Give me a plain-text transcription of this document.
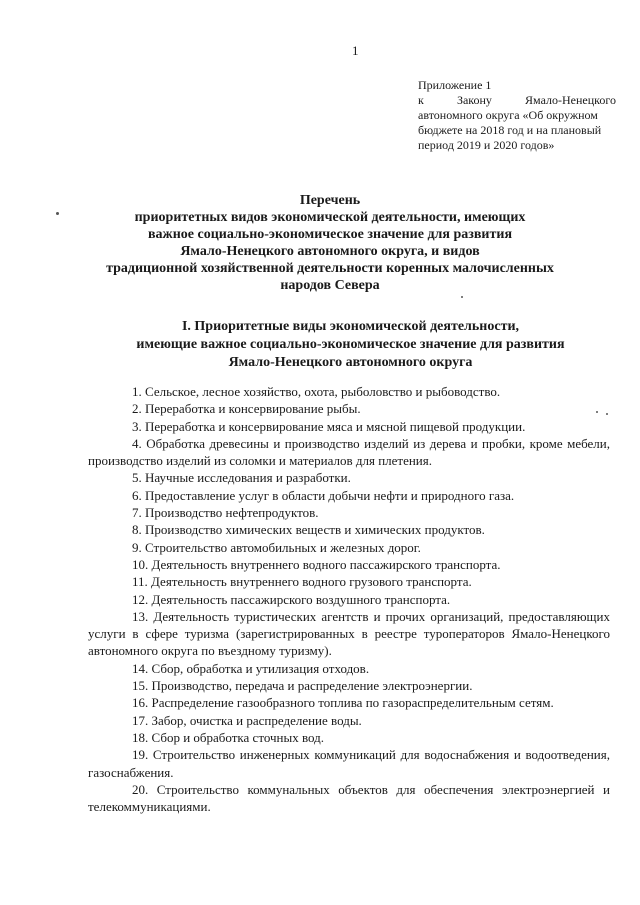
1
Приложение 1
к	Закону	Ямало-Ненецкого
автономного округа «Об окружном
бюджете на 2018 год и на плановый
период 2019 и 2020 годов»
Перечень
приоритетных видов экономической деятельности, имеющих
важное социально-экономическое значение для развития
Ямало-Ненецкого автономного округа, и видов
традиционной хозяйственной деятельности коренных малочисленных
народов Севера
I. Приоритетные виды экономической деятельности,
имеющие важное социально-экономическое значение для развития
Ямало-Ненецкого автономного округа
1. Сельское, лесное хозяйство, охота, рыболовство и рыбоводство.
2. Переработка и консервирование рыбы.
3. Переработка и консервирование мяса и мясной пищевой продукции.
4. Обработка древесины и производство изделий из дерева и пробки, кроме мебели, производство изделий из соломки и материалов для плетения.
5. Научные исследования и разработки.
6. Предоставление услуг в области добычи нефти и природного газа.
7. Производство нефтепродуктов.
8. Производство химических веществ и химических продуктов.
9. Строительство автомобильных и железных дорог.
10. Деятельность внутреннего водного пассажирского транспорта.
11. Деятельность внутреннего водного грузового транспорта.
12. Деятельность пассажирского воздушного транспорта.
13. Деятельность туристических агентств и прочих организаций, предоставляющих услуги в сфере туризма (зарегистрированных в реестре туроператоров Ямало-Ненецкого автономного округа по въездному туризму).
14. Сбор, обработка и утилизация отходов.
15. Производство, передача и распределение электроэнергии.
16. Распределение газообразного топлива по газораспределительным сетям.
17. Забор, очистка и распределение воды.
18. Сбор и обработка сточных вод.
19. Строительство инженерных коммуникаций для водоснабжения и водоотведения, газоснабжения.
20. Строительство коммунальных объектов для обеспечения электроэнергией и телекоммуникациями.
